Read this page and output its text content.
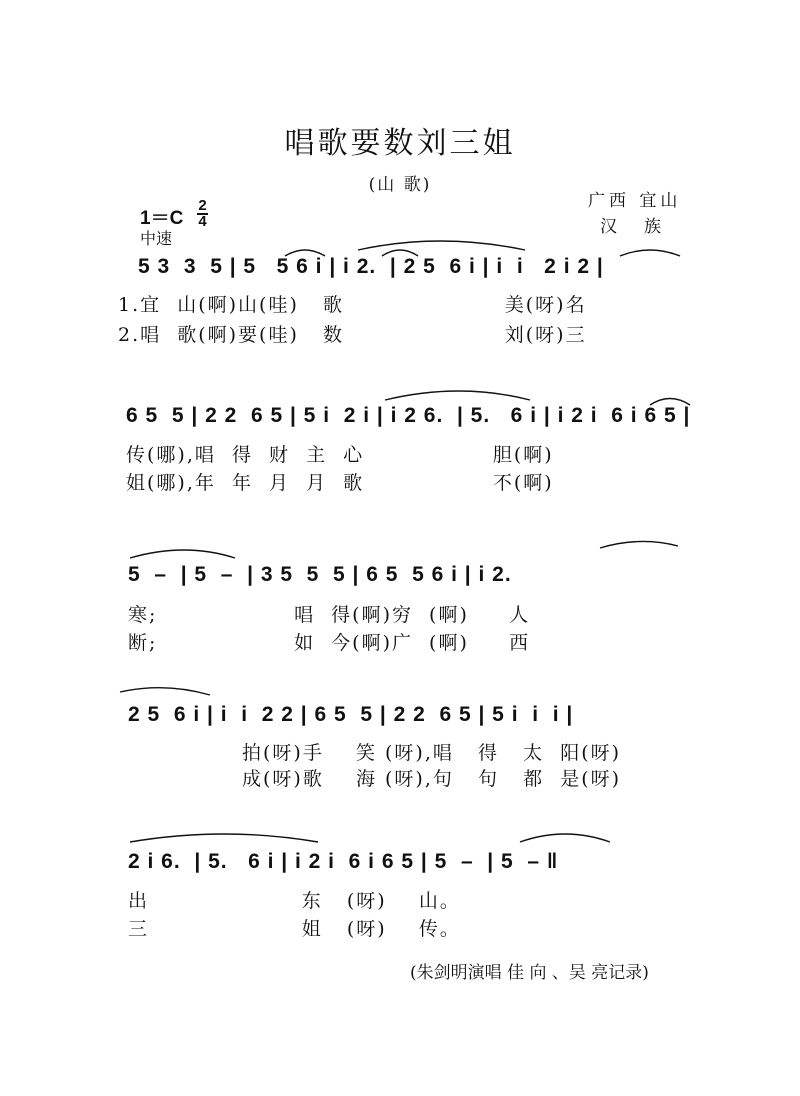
唱歌要数刘三姐
(山 歌)
广西 宜山
汉     族
1＝C
2
4
中速
5 3  3  5 | 5   5 6 i | i 2.  | 2 5  6 i | i  i   2 i 2 |
1.宜  山(啊)山(哇)   歌                    美(呀)名
2.唱  歌(啊)要(哇)   数                    刘(呀)三
6 5  5 | 2 2  6 5 | 5 i  2 i | i 2 6.  | 5.   6 i | i 2 i  6 i 6 5 |
传(哪),唱  得  财  主  心                胆(啊)
姐(哪),年  年  月  月  歌                不(啊)
5  –  | 5  –  | 3 5  5  5 | 6 5  5 6 i | i 2.
寒;                 唱  得(啊)穷  (啊)     人
断;                 如  今(啊)广  (啊)     西
2 5  6 i | i  i  2 2 | 6 5  5 | 2 2  6 5 | 5 i  i  i |
拍(呀)手    笑 (呀),唱   得   太  阳(呀)
成(呀)歌    海 (呀),句   句   都  是(呀)
2 i 6.  | 5.   6 i | i 2 i  6 i 6 5 | 5  –  | 5  – ‖
出                   东   (呀)    山。
三                   姐   (呀)    传。
(朱剑明演唱 佳 向 、吴 亮记录)
